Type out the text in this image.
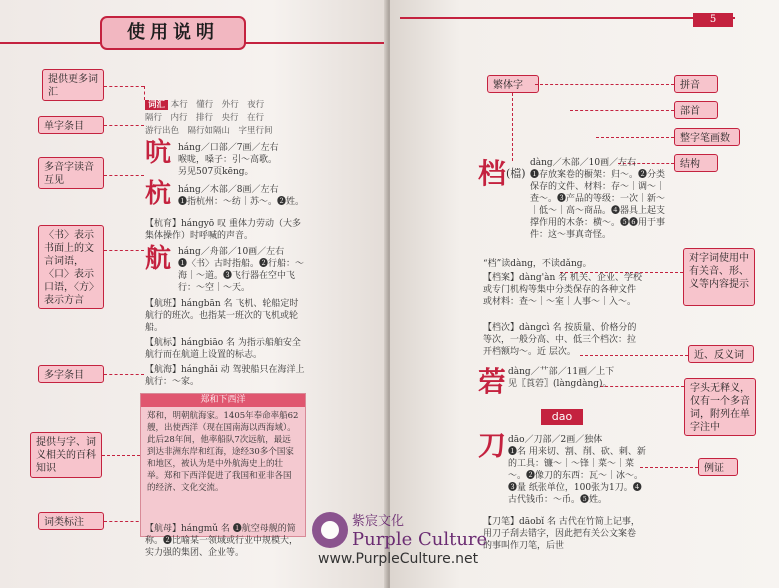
使用说明
提供更多词汇
单字条目
多音字读音互见
〈书〉表示书面上的文言词语，〈口〉表示口语，〈方〉表示方言
多字条目
提供与字、词义相关的百科知识
词类标注
词汇 本行　懂行　外行　夜行
隔行　内行　排行　央行　在行
游行出色　隔行如隔山　字里行间
吭 háng／口部／7画／左右
喉咙，嗓子：引～高歌。
另见507页kēng。
杭 háng／木部／8画／左右
❶指杭州：～纺｜苏～。❷姓。
【杭育】hángyō 叹 重体力劳动（大多集体操作）时呼喊的声音。
航 háng／舟部／10画／左右
❶〈书〉古时指船。❷行船：～海｜～道。❸飞行器在空中飞行：～空｜～天。
【航班】hángbān 名 飞机、轮船定时航行的班次。也指某一班次的飞机或轮船。
【航标】hángbiāo 名 为指示船舶安全航行而在航道上设置的标志。
【航海】hánghǎi 动 驾驶船只在海洋上航行：～家。
郑和下西洋
郑和，明朝航海家。1405年奉命率船62艘，出使西洋（现在国南海以西海域）。此后28年间，他率船队7次远航，最远到达非洲东岸和红海，途经30多个国家和地区，被认为是中外航海史上的壮举。郑和下西洋促进了我国和亚非各国的经济、文化交流。
【航母】hángmǔ 名 ❶航空母舰的简称。❷比喻某一领域或行业中规模大，实力强的集团、企业等。
5
繁体字	拼音
部首
整字笔画数
结构
对字词使用中有关音、形、义等内容提示
近、反义词
字头无释义，仅有一个多音词，附列在单字注中
例证
档 (檔)
dàng／木部／10画／左右
❶存放案卷的橱架：归～。❷分类保存的文件、材料：存～｜调～｜查～。❸产品的等级：一次｜新～｜低～｜高～商品。❹器具上起支撑作用的木条：横～。❺❻用于事件：这～事真奇怪。
“档”读dàng，不读dǎng。
【档案】dàng'àn 名 机关、企业、学校或专门机构等集中分类保存的各种文件或材料：查～｜～室｜人事～｜入～。
【档次】dàngcì 名 按质量、价格分的等次，一般分高、中、低三个档次：拉开档额均～。近 层次。
菪 dàng／艹部／11画／上下
见〖莨菪〗(làngdàng)。
dao
刀 dāo／刀部／2画／独体
❶名 用来切、割、削、砍、刺、新的工具：镰～｜～锋｜菜～｜菜～。❷像刀的东西：瓦～｜冰～。❸量 纸张单位，100张为1刀。❹古代钱币：～币。❺姓。
【刀笔】dāobǐ 名 古代在竹简上记事，用刀子刮去错字，因此把有关公文案卷的事叫作刀笔，后世
紫宸文化
Purple Culture
www.PurpleCulture.net
